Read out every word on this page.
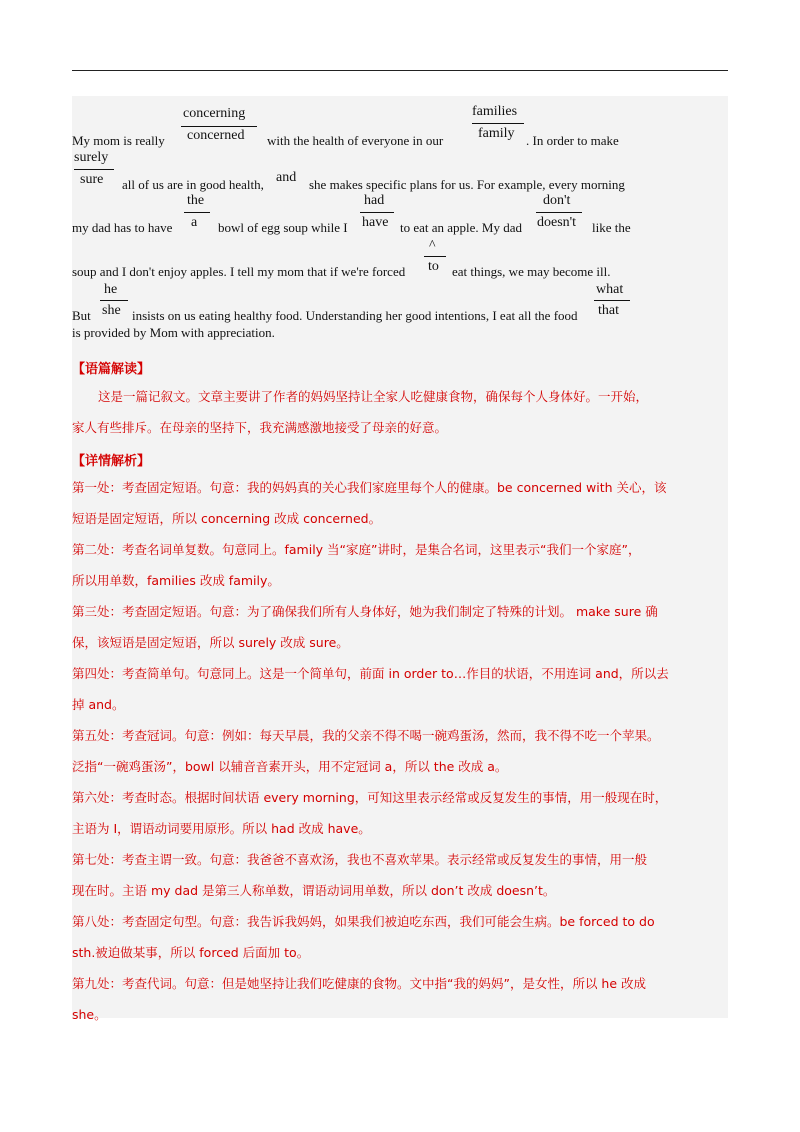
My mom is really
concerning
concerned with the health of everyone in our
families
family . In order to make
surely
sure all of us are in good health, and she makes specific plans for us. For example, every morning
my dad has to have
the
a bowl of egg soup while I
had
have to eat an apple. My dad
don't
doesn't like the
soup and I don't enjoy apples. I tell my mom that if we're forced
^
to eat things, we may become ill.
But
he
she insists on us eating healthy food. Understanding her good intentions, I eat all the food
what
that
is provided by Mom with appreciation.
【语篇解读】

这是一篇记叙文。文章主要讲了作者的妈妈坚持让全家人吃健康食物，确保每个人身体好。一开始，

家人有些排斥。在母亲的坚持下，我充满感激地接受了母亲的好意。

【详情解析】

第一处：考查固定短语。句意：我的妈妈真的关心我们家庭里每个人的健康。be concerned with 关心，该

短语是固定短语，所以 concerning 改成 concerned。

第二处：考查名词单复数。句意同上。family 当“家庭”讲时，是集合名词，这里表示“我们一个家庭”，

所以用单数，families 改成 family。

第三处：考查固定短语。句意：为了确保我们所有人身体好，她为我们制定了特殊的计划。 make sure 确

保，该短语是固定短语，所以 surely 改成 sure。

第四处：考查简单句。句意同上。这是一个简单句，前面 in order to…作目的状语，不用连词 and，所以去

掉 and。

第五处：考查冠词。句意：例如：每天早晨，我的父亲不得不喝一碗鸡蛋汤，然而，我不得不吃一个苹果。

泛指“一碗鸡蛋汤”，bowl 以辅音音素开头，用不定冠词 a，所以 the 改成 a。

第六处：考查时态。根据时间状语 every morning，可知这里表示经常或反复发生的事情，用一般现在时，

主语为 I，谓语动词要用原形。所以 had 改成 have。

第七处：考查主谓一致。句意：我爸爸不喜欢汤，我也不喜欢苹果。表示经常或反复发生的事情，用一般

现在时。主语 my dad 是第三人称单数，谓语动词用单数，所以 don’t 改成 doesn’t。

第八处：考查固定句型。句意：我告诉我妈妈，如果我们被迫吃东西，我们可能会生病。be forced to do

sth.被迫做某事，所以 forced 后面加 to。

第九处：考查代词。句意：但是她坚持让我们吃健康的食物。文中指“我的妈妈”，是女性，所以 he 改成

she。
